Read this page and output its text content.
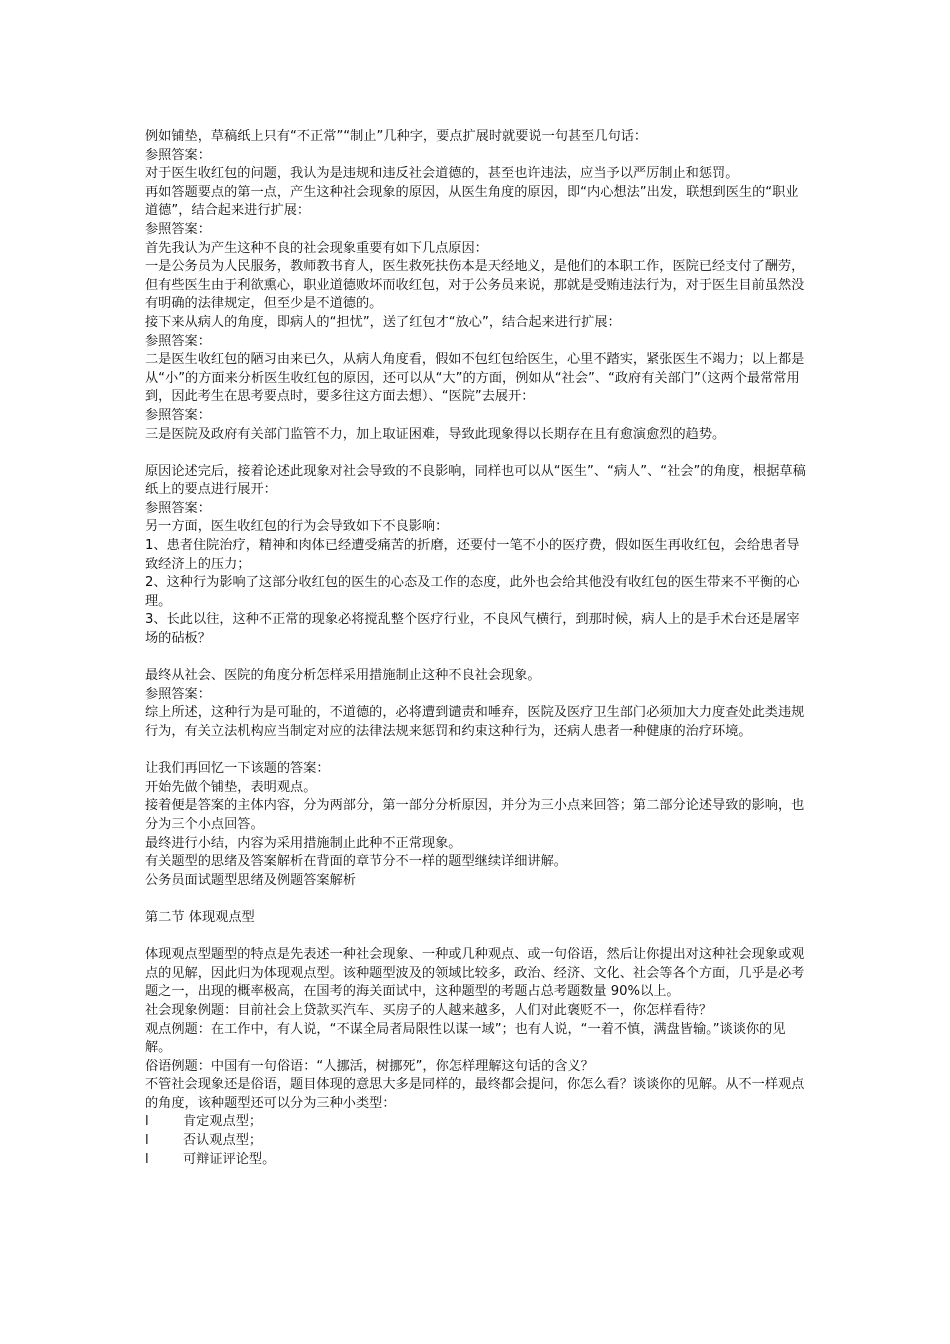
例如铺垫，草稿纸上只有“不正常”“制止”几种字，要点扩展时就要说一句甚至几句话：

参照答案：

对于医生收红包的问题，我认为是违规和违反社会道德的，甚至也许违法，应当予以严厉制止和惩罚。

再如答题要点的第一点，产生这种社会现象的原因，从医生角度的原因，即“内心想法”出发，联想到医生的“职业道德”，结合起来进行扩展：

参照答案：

首先我认为产生这种不良的社会现象重要有如下几点原因：

一是公务员为人民服务，教师教书育人，医生救死扶伤本是天经地义，是他们的本职工作，医院已经支付了酬劳，但有些医生由于利欲熏心，职业道德败坏而收红包，对于公务员来说，那就是受贿违法行为，对于医生目前虽然没有明确的法律规定，但至少是不道德的。

接下来从病人的角度，即病人的“担忧”，送了红包才“放心”，结合起来进行扩展：

参照答案：

二是医生收红包的陋习由来已久，从病人角度看，假如不包红包给医生，心里不踏实，紧张医生不竭力；以上都是从“小”的方面来分析医生收红包的原因，还可以从“大”的方面，例如从“社会”、“政府有关部门”（这两个最常常用到，因此考生在思考要点时，要多往这方面去想）、“医院”去展开：

参照答案：

三是医院及政府有关部门监管不力，加上取证困难，导致此现象得以长期存在且有愈演愈烈的趋势。

原因论述完后，接着论述此现象对社会导致的不良影响，同样也可以从“医生”、“病人”、“社会”的角度，根据草稿纸上的要点进行展开：

参照答案：

另一方面，医生收红包的行为会导致如下不良影响：

1、患者住院治疗，精神和肉体已经遭受痛苦的折磨，还要付一笔不小的医疗费，假如医生再收红包，会给患者导致经济上的压力；

2、这种行为影响了这部分收红包的医生的心态及工作的态度，此外也会给其他没有收红包的医生带来不平衡的心理。

3、长此以往，这种不正常的现象必将搅乱整个医疗行业，不良风气横行，到那时候，病人上的是手术台还是屠宰场的砧板？

最终从社会、医院的角度分析怎样采用措施制止这种不良社会现象。

参照答案：

综上所述，这种行为是可耻的，不道德的，必将遭到谴责和唾弃，医院及医疗卫生部门必须加大力度查处此类违规行为，有关立法机构应当制定对应的法律法规来惩罚和约束这种行为，还病人患者一种健康的治疗环境。

让我们再回忆一下该题的答案：

开始先做个铺垫，表明观点。

接着便是答案的主体内容，分为两部分，第一部分分析原因，并分为三小点来回答；第二部分论述导致的影响，也分为三个小点回答。

最终进行小结，内容为采用措施制止此种不正常现象。

有关题型的思绪及答案解析在背面的章节分不一样的题型继续详细讲解。

公务员面试题型思绪及例题答案解析

第二节 体现观点型

体现观点型题型的特点是先表述一种社会现象、一种或几种观点、或一句俗语，然后让你提出对这种社会现象或观点的见解，因此归为体现观点型。该种题型波及的领域比较多，政治、经济、文化、社会等各个方面，几乎是必考题之一，出现的概率极高，在国考的海关面试中，这种题型的考题占总考题数量 90%以上。

社会现象例题：目前社会上贷款买汽车、买房子的人越来越多，人们对此褒贬不一，你怎样看待？

观点例题：在工作中，有人说，“不谋全局者局限性以谋一域”；也有人说，“一着不慎，满盘皆输。”谈谈你的见解。

俗语例题：中国有一句俗语：“人挪活，树挪死”，你怎样理解这句话的含义？

不管社会现象还是俗语，题目体现的意思大多是同样的，最终都会提问，你怎么看？谈谈你的见解。从不一样观点的角度，该种题型还可以分为三种小类型：

l	肯定观点型；
l	否认观点型；
l	可辩证评论型。
